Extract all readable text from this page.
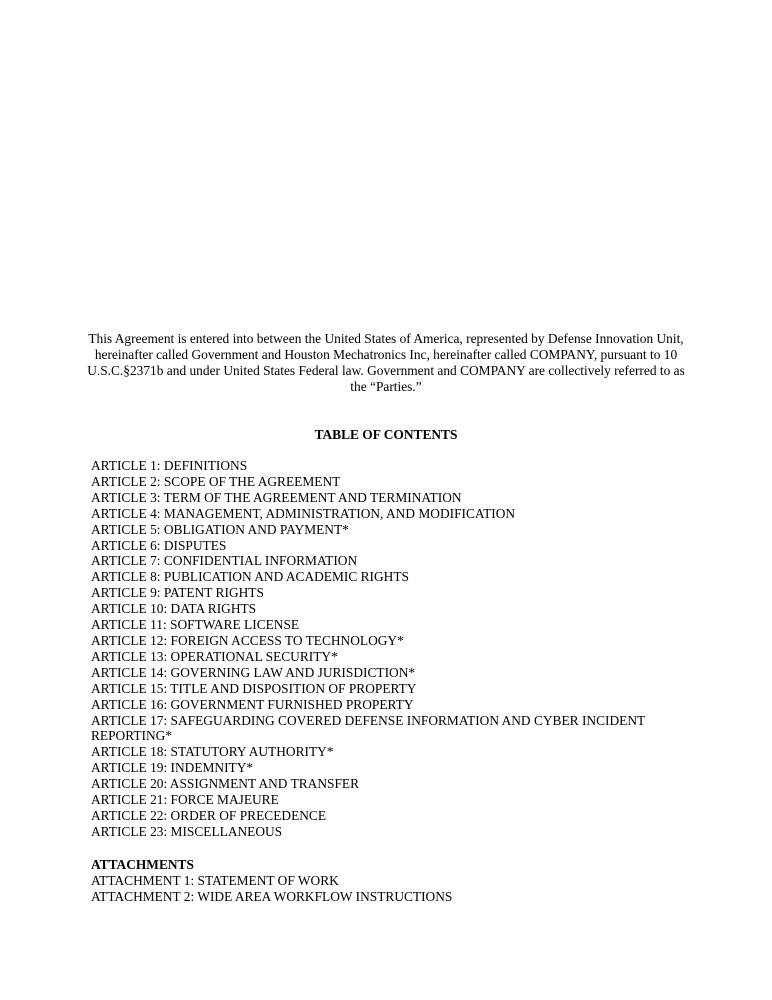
This Agreement is entered into between the United States of America, represented by Defense Innovation Unit, hereinafter called Government and Houston Mechatronics Inc, hereinafter called COMPANY, pursuant to 10 U.S.C.§2371b and under United States Federal law. Government and COMPANY are collectively referred to as the “Parties.”

TABLE OF CONTENTS
ARTICLE 1: DEFINITIONS
ARTICLE 2: SCOPE OF THE AGREEMENT
ARTICLE 3: TERM OF THE AGREEMENT AND TERMINATION
ARTICLE 4: MANAGEMENT, ADMINISTRATION, AND MODIFICATION
ARTICLE 5: OBLIGATION AND PAYMENT*
ARTICLE 6: DISPUTES
ARTICLE 7: CONFIDENTIAL INFORMATION
ARTICLE 8: PUBLICATION AND ACADEMIC RIGHTS
ARTICLE 9: PATENT RIGHTS
ARTICLE 10: DATA RIGHTS
ARTICLE 11: SOFTWARE LICENSE
ARTICLE 12: FOREIGN ACCESS TO TECHNOLOGY*
ARTICLE 13: OPERATIONAL SECURITY*
ARTICLE 14: GOVERNING LAW AND JURISDICTION*
ARTICLE 15: TITLE AND DISPOSITION OF PROPERTY
ARTICLE 16: GOVERNMENT FURNISHED PROPERTY
ARTICLE 17: SAFEGUARDING COVERED DEFENSE INFORMATION AND CYBER INCIDENT REPORTING*
ARTICLE 18: STATUTORY AUTHORITY*
ARTICLE 19: INDEMNITY*
ARTICLE 20: ASSIGNMENT AND TRANSFER
ARTICLE 21: FORCE MAJEURE
ARTICLE 22: ORDER OF PRECEDENCE
ARTICLE 23: MISCELLANEOUS
ATTACHMENTS
ATTACHMENT 1: STATEMENT OF WORK
ATTACHMENT 2: WIDE AREA WORKFLOW INSTRUCTIONS
